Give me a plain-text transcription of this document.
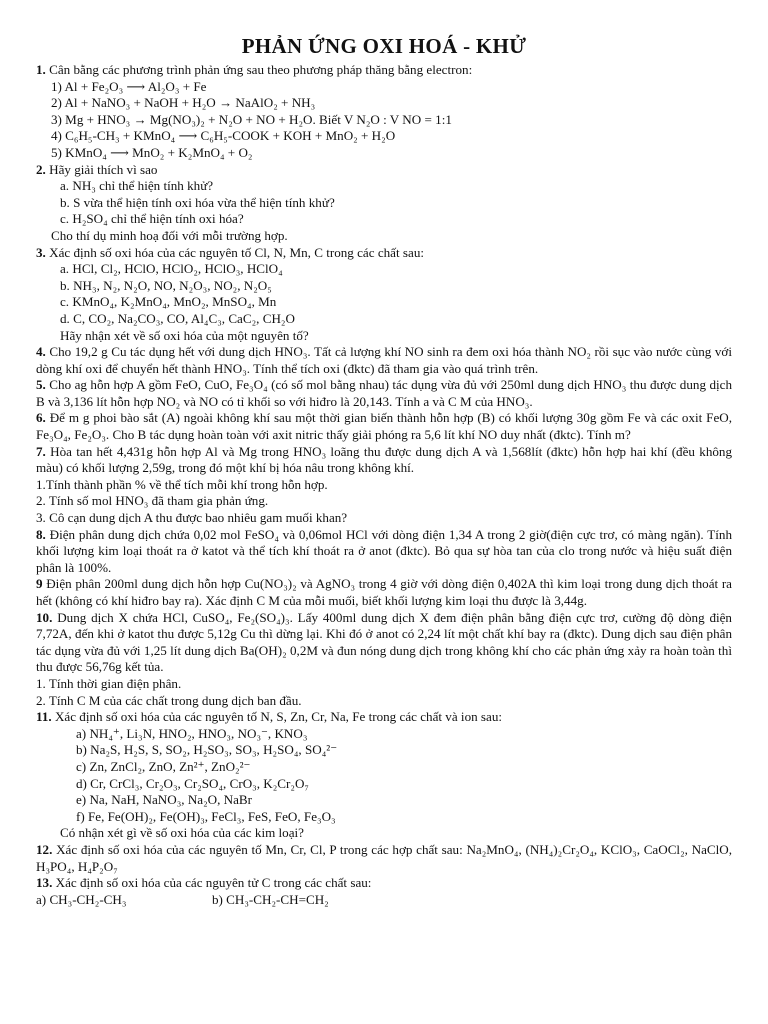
PHẢN ỨNG OXI HOÁ - KHỬ
1. Cân bằng các phương trình phản ứng sau theo phương pháp thăng bằng electron:
1) Al + Fe₂O₃ ⟶ Al₂O₃ + Fe
2) Al + NaNO₃ + NaOH + H₂O → NaAlO₂ + NH₃
3) Mg + HNO₃ → Mg(NO₃)₂ + N₂O + NO + H₂O. Biết V N₂O : V NO = 1:1
4) C₆H₅-CH₃ + KMnO₄ ⟶ C₆H₅-COOK + KOH + MnO₂ + H₂O
5) KMnO₄ ⟶ MnO₂ + K₂MnO₄ + O₂
2. Hãy giải thích vì sao
a. NH₃ chỉ thể hiện tính khử?
b. S vừa thể hiện tính oxi hóa vừa thể hiện tính khử?
c. H₂SO₄ chỉ thể hiện tính oxi hóa?
Cho thí dụ minh hoạ đối với mỗi trường hợp.
3. Xác định số oxi hóa của các nguyên tố Cl, N, Mn, C trong các chất sau:
a. HCl, Cl₂, HClO, HClO₂, HClO₃, HClO₄
b. NH₃, N₂, N₂O, NO, N₂O₃, NO₂, N₂O₅
c. KMnO₄, K₂MnO₄, MnO₂, MnSO₄, Mn
d. C, CO₂, Na₂CO₃, CO, Al₄C₃, CaC₂, CH₂O
Hãy nhận xét về số oxi hóa của một nguyên tố?
4. Cho 19,2 g Cu tác dụng hết với dung dịch HNO₃. Tất cả lượng khí NO sinh ra đem oxi hóa thành NO₂ rồi sục vào nước cùng với dòng khí oxi để chuyển hết thành HNO₃. Tính thể tích oxi (đktc) đã tham gia vào quá trình trên.
5. Cho ag hỗn hợp A gồm FeO, CuO, Fe₃O₄ (có số mol bằng nhau) tác dụng vừa đủ với 250ml dung dịch HNO₃ thu được dung dịch B và 3,136 lít hỗn hợp NO₂ và NO có tỉ khối so với hiđro là 20,143. Tính a và C M của HNO₃.
6. Để m g phoi bào sắt (A) ngoài không khí sau một thời gian biến thành hỗn hợp (B) có khối lượng 30g gồm Fe và các oxit FeO, Fe₃O₄, Fe₂O₃. Cho B tác dụng hoàn toàn với axit nitric thấy giải phóng ra 5,6 lít khí NO duy nhất (đktc). Tính m?
7. Hòa tan hết 4,431g hỗn hợp Al và Mg trong HNO₃ loãng thu được dung dịch A và 1,568lít (đktc) hỗn hợp hai khí (đều không màu) có khối lượng 2,59g, trong đó một khí bị hóa nâu trong không khí.
1.Tính thành phần % về thể tích mỗi khí trong hỗn hợp.
2. Tính số mol HNO₃ đã tham gia phản ứng.
3. Cô cạn dung dịch A thu được bao nhiêu gam muối khan?
8. Điện phân dung dịch chứa 0,02 mol FeSO₄ và 0,06mol HCl với dòng điện 1,34 A trong 2 giờ(điện cực trơ, có màng ngăn). Tính khối lượng kim loại thoát ra ở katot và thể tích khí thoát ra ở anot (đktc). Bỏ qua sự hòa tan của clo trong nước và hiệu suất điện phân là 100%.
9 Điện phân 200ml dung dịch hỗn hợp Cu(NO₃)₂ và AgNO₃ trong 4 giờ với dòng điện 0,402A thì kim loại trong dung dịch thoát ra hết (không có khí hiđro bay ra). Xác định C M của mỗi muối, biết khối lượng kim loại thu được là 3,44g.
10. Dung dịch X chứa HCl, CuSO₄, Fe₂(SO₄)₃. Lấy 400ml dung dịch X đem điện phân bằng điện cực trơ, cường độ dòng điện 7,72A, đến khi ở katot thu được 5,12g Cu thì dừng lại. Khi đó ở anot có 2,24 lít một chất khí bay ra (đktc). Dung dịch sau điện phân tác dụng vừa đủ với 1,25 lít dung dịch Ba(OH)₂ 0,2M và đun nóng dung dịch trong không khí cho các phản ứng xảy ra hoàn toàn thì thu được 56,76g kết tủa.
1. Tính thời gian điện phân.
2. Tính C M của các chất trong dung dịch ban đầu.
11. Xác định số oxi hóa của các nguyên tố N, S, Zn, Cr, Na, Fe trong các chất và ion sau:
a) NH₄⁺, Li₃N, HNO₂, HNO₃, NO₃⁻, KNO₃
b) Na₂S, H₂S, S, SO₂, H₂SO₃, SO₃, H₂SO₄, SO₄²⁻
c) Zn, ZnCl₂, ZnO, Zn²⁺, ZnO₂²⁻
d) Cr, CrCl₃, Cr₂O₃, Cr₂SO₄, CrO₃, K₂Cr₂O₇
e) Na, NaH, NaNO₃, Na₂O, NaBr
f) Fe, Fe(OH)₂, Fe(OH)₃, FeCl₃, FeS, FeO, Fe₃O₃
Có nhận xét gì về số oxi hóa của các kim loại?
12. Xác định số oxi hóa của các nguyên tố Mn, Cr, Cl, P trong các hợp chất sau: Na₂MnO₄, (NH₄)₂Cr₂O₄, KClO₃, CaOCl₂, NaClO, H₃PO₄, H₄P₂O₇
13. Xác định số oxi hóa của các nguyên tử C trong các chất sau:
a) CH₃-CH₂-CH₃	b) CH₃-CH₂-CH=CH₂
